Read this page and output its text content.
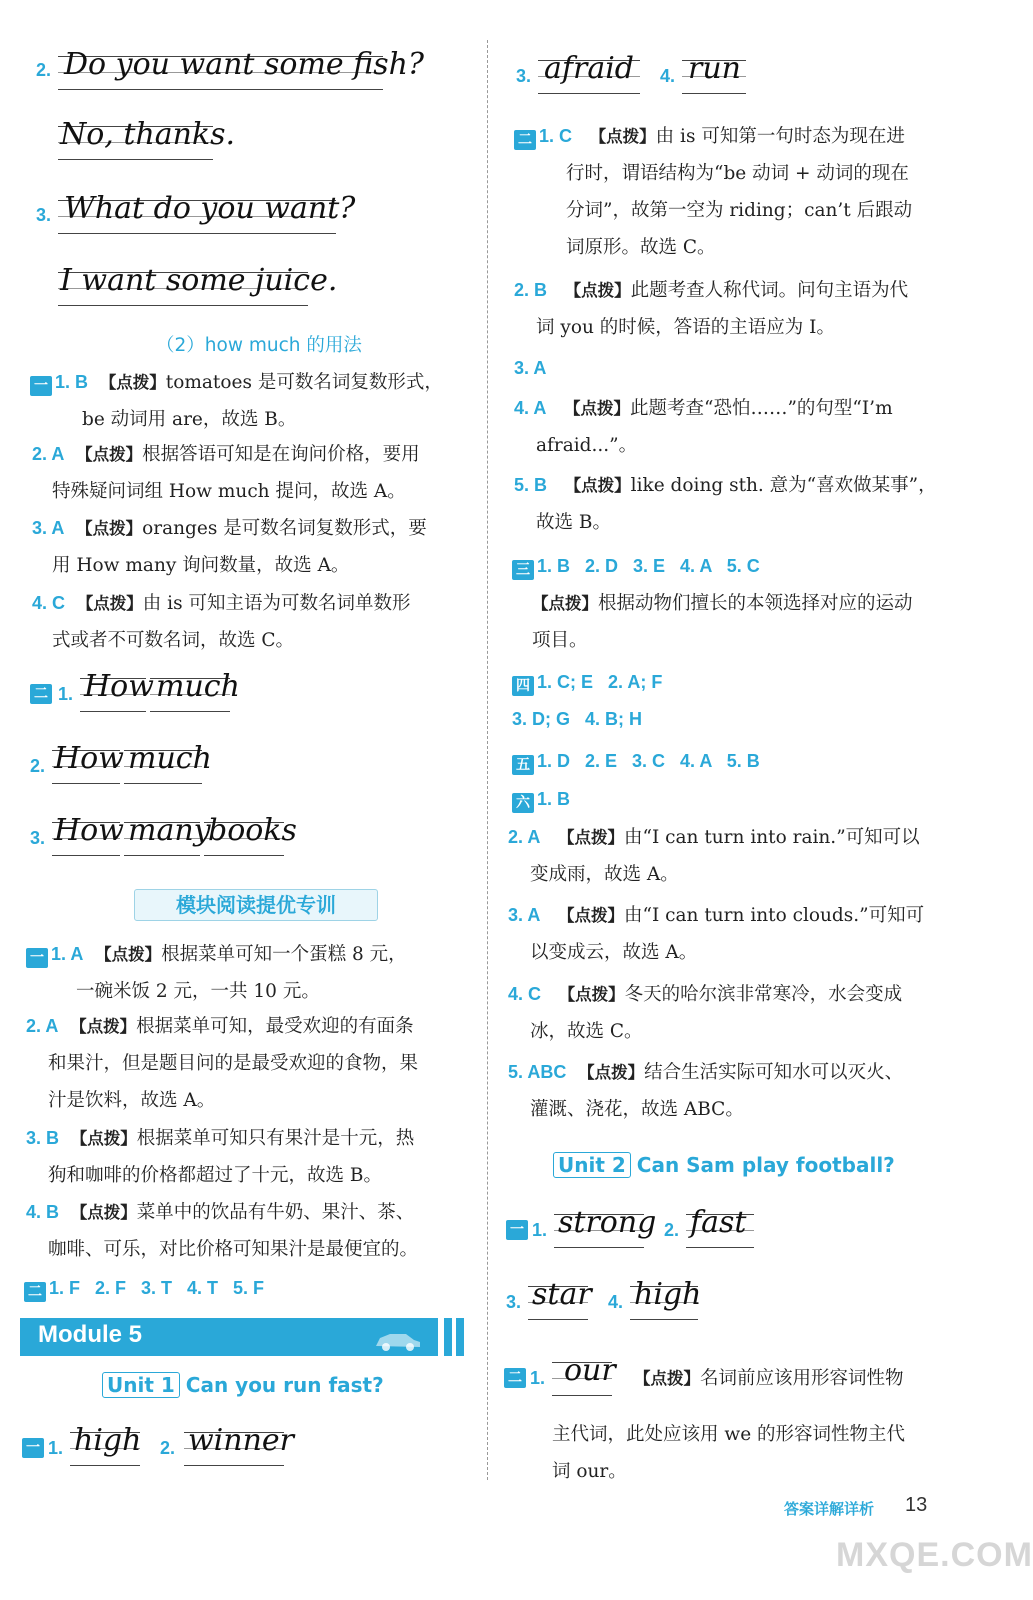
2. Do you want some fish?
No, thanks.
3. What do you want?
I want some juice.
（2）how much 的用法
一 1. B 【点拨】tomatoes 是可数名词复数形式，
be 动词用 are，故选 B。
2. A 【点拨】根据答语可知是在询问价格，要用
特殊疑问词组 How much 提问，故选 A。
3. A 【点拨】oranges 是可数名词复数形式，要
用 How many 询问数量，故选 A。
4. C 【点拨】由 is 可知主语为可数名词单数形
式或者不可数名词，故选 C。
二 1. How much
2. How much
3. How many
books
模块阅读提优专训
一 1. A 【点拨】根据菜单可知一个蛋糕 8 元，
一碗米饭 2 元，一共 10 元。
2. A 【点拨】根据菜单可知，最受欢迎的有面条
和果汁，但是题目问的是最受欢迎的食物，果
汁是饮料，故选 A。
3. B 【点拨】根据菜单可知只有果汁是十元，热
狗和咖啡的价格都超过了十元，故选 B。
4. B 【点拨】菜单中的饮品有牛奶、果汁、茶、
咖啡、可乐，对比价格可知果汁是最便宜的。
二 1. F   2. F   3. T   4. T   5. F
Module 5
Unit 1 Can you run fast?
一 1. high 2. winner
3. afraid 4. run
二 1. C 【点拨】由 is 可知第一句时态为现在进
行时，谓语结构为“be 动词 + 动词的现在
分词”，故第一空为 riding；can’t 后跟动
词原形。故选 C。
2. B 【点拨】此题考查人称代词。问句主语为代
词 you 的时候，答语的主语应为 I。
3. A
4. A 【点拨】此题考查“恐怕……”的句型“I’m
afraid...”。
5. B 【点拨】like doing sth. 意为“喜欢做某事”，
故选 B。
三 1. B   2. D   3. E   4. A   5. C
【点拨】根据动物们擅长的本领选择对应的运动
项目。
四 1. C; E   2. A; F
3. D; G   4. B; H
五 1. D   2. E   3. C   4. A   5. B
六 1. B
2. A 【点拨】由“I can turn into rain.”可知可以
变成雨，故选 A。
3. A 【点拨】由“I can turn into clouds.”可知可
以变成云，故选 A。
4. C 【点拨】冬天的哈尔滨非常寒冷，水会变成
冰，故选 C。
5. ABC 【点拨】结合生活实际可知水可以灭火、
灌溉、浇花，故选 ABC。
Unit 2 Can Sam play football?
一 1. strong 2. fast
3. star 4. high
二 1. our 【点拨】名词前应该用形容词性物
主代词，此处应该用 we 的形容词性物主代
词 our。
答案详解详析 13
MXQE.COM
